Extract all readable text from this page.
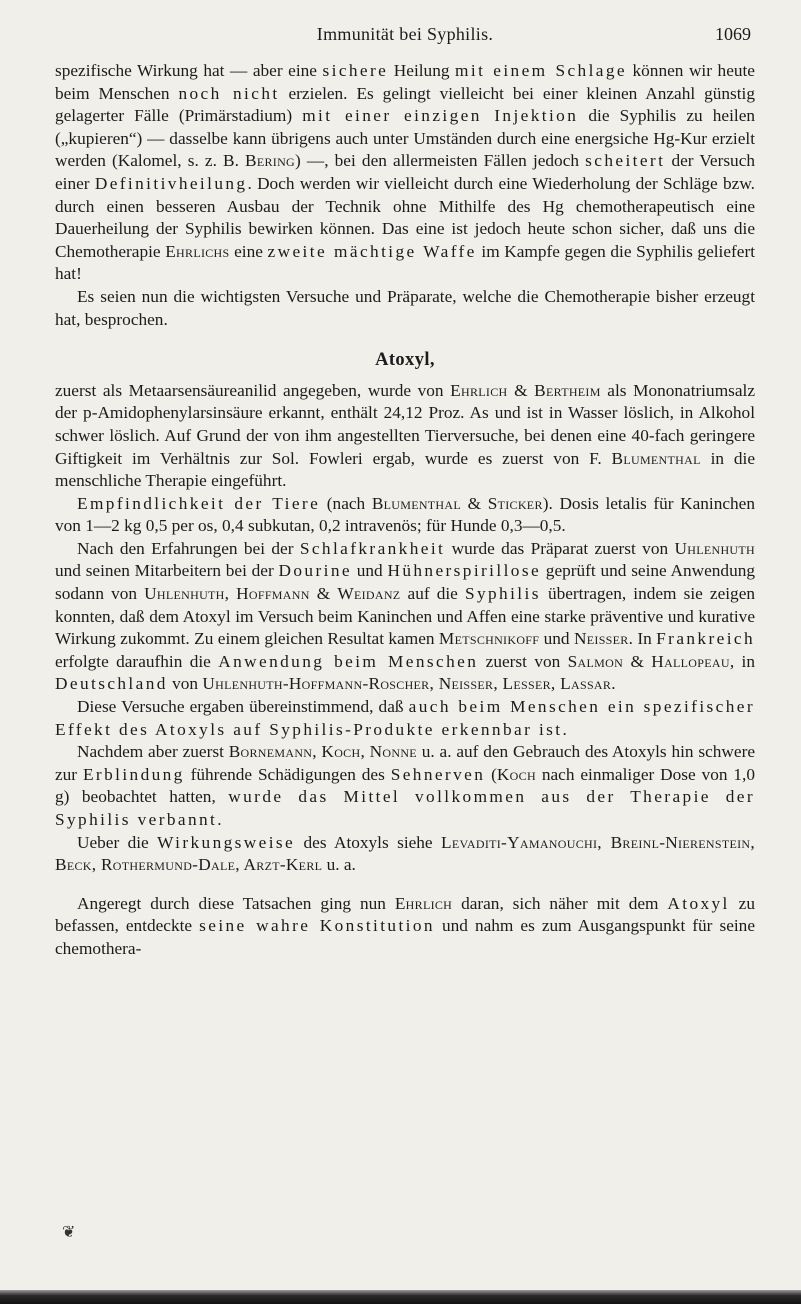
Immunität bei Syphilis.	1069

spezifische Wirkung hat — aber eine sichere Heilung mit einem Schlage können wir heute beim Menschen noch nicht erzielen. Es gelingt vielleicht bei einer kleinen Anzahl günstig gelagerter Fälle (Primärstadium) mit einer einzigen Injektion die Syphilis zu heilen („kupieren“) — dasselbe kann übrigens auch unter Umständen durch eine energsiche Hg-Kur erzielt werden (Kalomel, s. z. B. Bering) —, bei den allermeisten Fällen jedoch scheitert der Versuch einer Definitivheilung. Doch werden wir vielleicht durch eine Wiederholung der Schläge bzw. durch einen besseren Ausbau der Technik ohne Mithilfe des Hg chemotherapeutisch eine Dauerheilung der Syphilis bewirken können. Das eine ist jedoch heute schon sicher, daß uns die Chemotherapie Ehrlichs eine zweite mächtige Waffe im Kampfe gegen die Syphilis geliefert hat!

Es seien nun die wichtigsten Versuche und Präparate, welche die Chemotherapie bisher erzeugt hat, besprochen.

Atoxyl,

zuerst als Metaarsensäureanilid angegeben, wurde von Ehrlich & Bertheim als Mononatriumsalz der p-Amidophenylarsinsäure erkannt, enthält 24,12 Proz. As und ist in Wasser löslich, in Alkohol schwer löslich. Auf Grund der von ihm angestellten Tierversuche, bei denen eine 40-fach geringere Giftigkeit im Verhältnis zur Sol. Fowleri ergab, wurde es zuerst von F. Blumenthal in die menschliche Therapie eingeführt.

Empfindlichkeit der Tiere (nach Blumenthal & Sticker). Dosis letalis für Kaninchen von 1—2 kg 0,5 per os, 0,4 subkutan, 0,2 intravenös; für Hunde 0,3—0,5.

Nach den Erfahrungen bei der Schlafkrankheit wurde das Präparat zuerst von Uhlenhuth und seinen Mitarbeitern bei der Dourine und Hühnerspirillose geprüft und seine Anwendung sodann von Uhlenhuth, Hoffmann & Weidanz auf die Syphilis übertragen, indem sie zeigen konnten, daß dem Atoxyl im Versuch beim Kaninchen und Affen eine starke präventive und kurative Wirkung zukommt. Zu einem gleichen Resultat kamen Metschnikoff und Neisser. In Frankreich erfolgte daraufhin die Anwendung beim Menschen zuerst von Salmon & Hallopeau, in Deutschland von Uhlenhuth-Hoffmann-Roscher, Neisser, Lesser, Lassar.

Diese Versuche ergaben übereinstimmend, daß auch beim Menschen ein spezifischer Effekt des Atoxyls auf Syphilis-Produkte erkennbar ist.

Nachdem aber zuerst Bornemann, Koch, Nonne u. a. auf den Gebrauch des Atoxyls hin schwere zur Erblindung führende Schädigungen des Sehnerven (Koch nach einmaliger Dose von 1,0 g) beobachtet hatten, wurde das Mittel vollkommen aus der Therapie der Syphilis verbannt.

Ueber die Wirkungsweise des Atoxyls siehe Levaditi-Yamanouchi, Breinl-Nierenstein, Beck, Rothermund-Dale, Arzt-Kerl u. a.

Angeregt durch diese Tatsachen ging nun Ehrlich daran, sich näher mit dem Atoxyl zu befassen, entdeckte seine wahre Konstitution und nahm es zum Ausgangspunkt für seine chemothera-

❦
